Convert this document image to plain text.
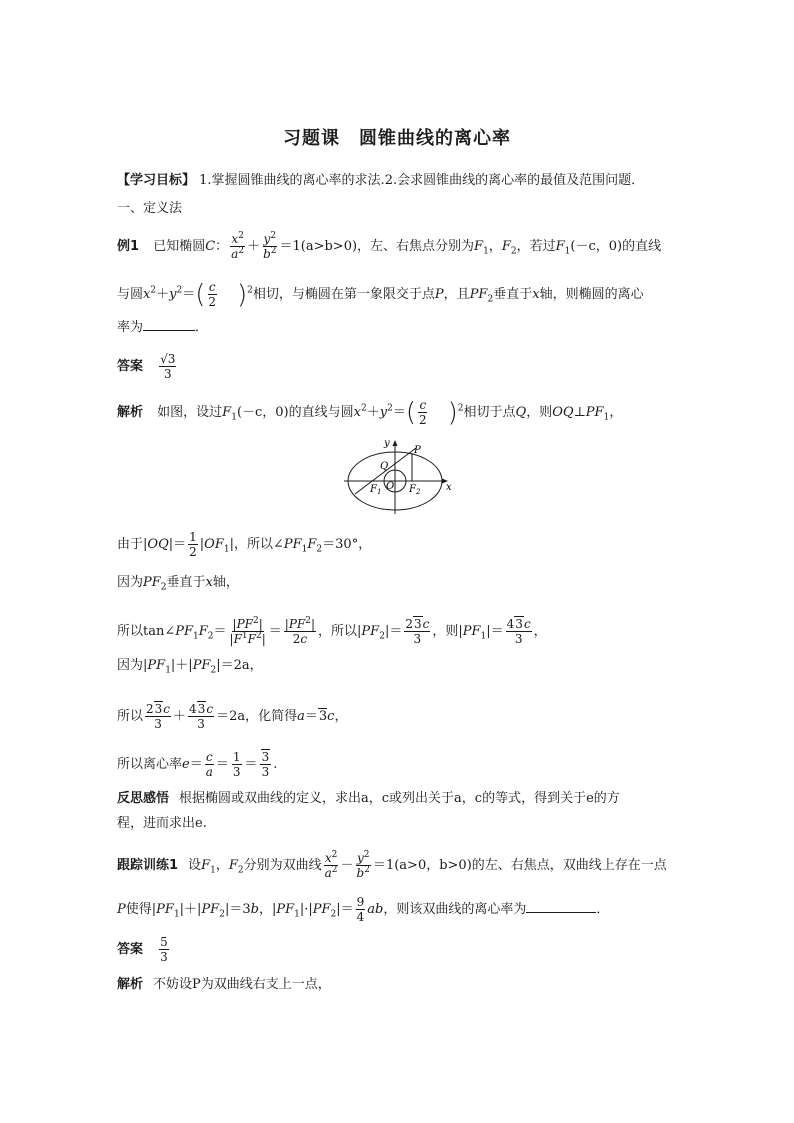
习题课　圆锥曲线的离心率
【学习目标】 1.掌握圆锥曲线的离心率的求法.2.会求圆锥曲线的离心率的最值及范围问题．
一、定义法
例1 已知椭圆C： $\frac{x^2}{a^2} + \frac{y^2}{b^2} =1(a>b>0)$，左、右焦点分别为$F_1$，$F_2$，若过$F_1(-c$，0)的直线
与圆$x^2+y^2=( \frac{c}{2} )^2$相切，与椭圆在第一象限交于点P，且$PF_2$垂直于x轴，则椭圆的离心
率为	．
答案 $\frac{√3}{3}$
解析 如图，设过$F_1(-c$，0)的直线与圆$x^2+y^2=( \frac{c}{2} )^2$相切于点Q，则$OQ\perp PF_1$，
y
x
P
Q
O
$F_1$	$F_2$
由于$|OQ|= \frac{1}{2} |OF_1|$，所以$\angle PF_1F_2=30^\circ$，
因为$PF_2$垂直于x轴，
所以$\tan\angle PF_1F_2= \frac{|PF^2|}{|F^1F^2|} = \frac{|PF^2|}{2c}$ ，所以$|PF_2|= \frac{23c}{3}$ ，则$|PF_1|= \frac{43c}{3}$ ，
因为$|PF_1|+|PF_2|=2a$，
所以 $\frac{23c}{3} + \frac{43c}{3} =2a$，化简得a＝3c，
所以离心率$e= \frac{c}{a} = \frac{1}{3} = \frac{3}{3}$ .
反思感悟 根据椭圆或双曲线的定义，求出a，c或列出关于a，c的等式，得到关于e的方
程，进而求出e.
跟踪训练1 设$F_1$，$F_2$分别为双曲线 $\frac{x^2}{a^2} - \frac{y^2}{b^2} =1(a>0$，b>0)的左、右焦点，双曲线上存在一点
P使得$|PF_1|+|PF_2|=3b$，$|PF_1|\cdot|PF_2|= \frac{9}{4}$ ab，则该双曲线的离心率为	．
答案 $\frac{5}{3}$
解析 不妨设P为双曲线右支上一点，
